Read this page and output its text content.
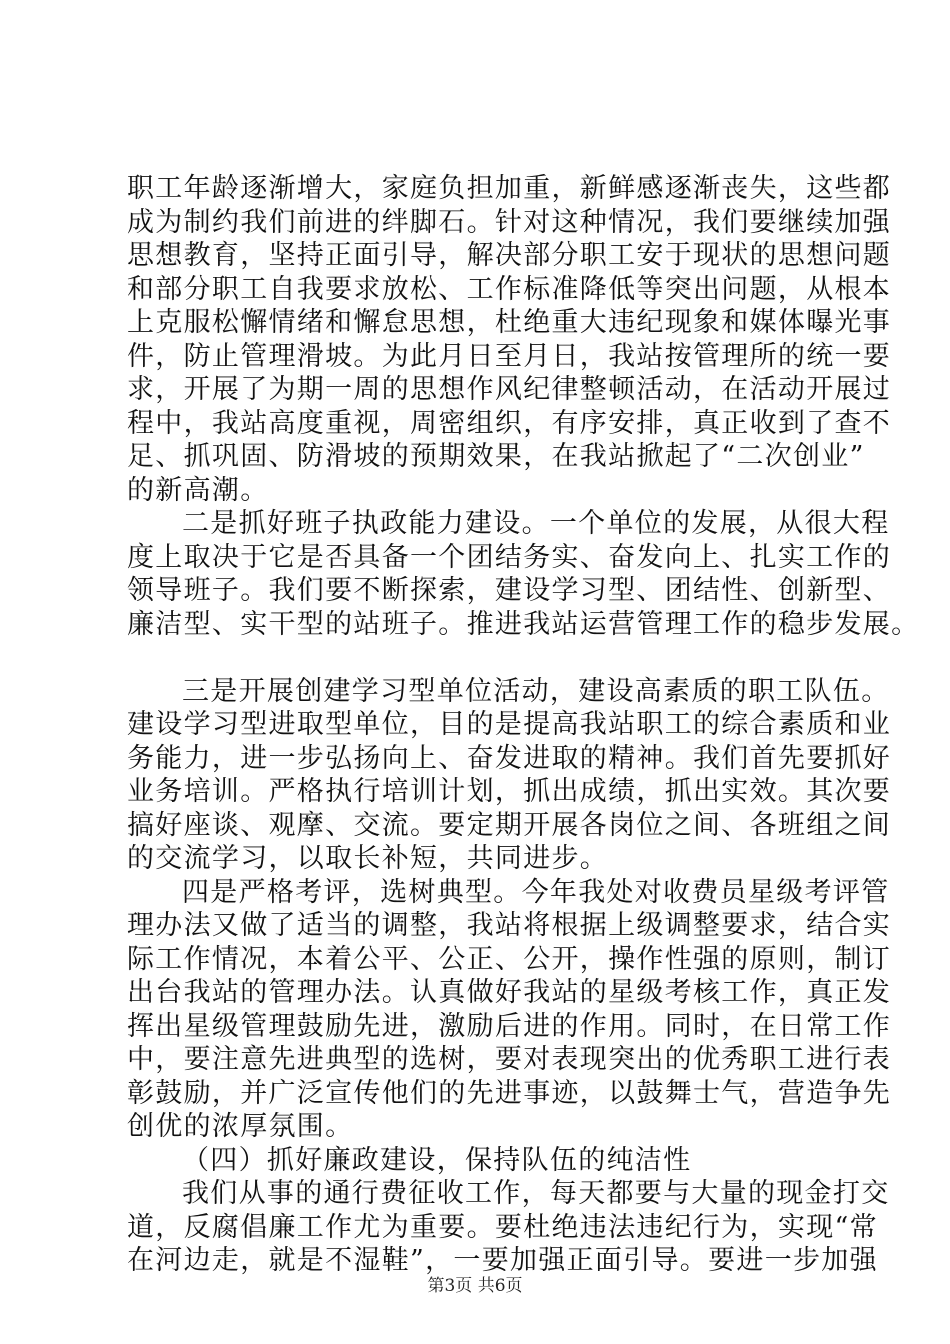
职工年龄逐渐增大，家庭负担加重，新鲜感逐渐丧失，这些都
成为制约我们前进的绊脚石。针对这种情况，我们要继续加强
思想教育，坚持正面引导，解决部分职工安于现状的思想问题
和部分职工自我要求放松、工作标准降低等突出问题，从根本
上克服松懈情绪和懈怠思想，杜绝重大违纪现象和媒体曝光事
件，防止管理滑坡。为此月日至月日，我站按管理所的统一要
求，开展了为期一周的思想作风纪律整顿活动，在活动开展过
程中，我站高度重视，周密组织，有序安排，真正收到了查不
足、抓巩固、防滑坡的预期效果，在我站掀起了“二次创业”
的新高潮。
二是抓好班子执政能力建设。一个单位的发展，从很大程
度上取决于它是否具备一个团结务实、奋发向上、扎实工作的
领导班子。我们要不断探索，建设学习型、团结性、创新型、
廉洁型、实干型的站班子。推进我站运营管理工作的稳步发展。
三是开展创建学习型单位活动，建设高素质的职工队伍。
建设学习型进取型单位，目的是提高我站职工的综合素质和业
务能力，进一步弘扬向上、奋发进取的精神。我们首先要抓好
业务培训。严格执行培训计划，抓出成绩，抓出实效。其次要
搞好座谈、观摩、交流。要定期开展各岗位之间、各班组之间
的交流学习，以取长补短，共同进步。
四是严格考评，选树典型。今年我处对收费员星级考评管
理办法又做了适当的调整，我站将根据上级调整要求，结合实
际工作情况，本着公平、公正、公开，操作性强的原则，制订
出台我站的管理办法。认真做好我站的星级考核工作，真正发
挥出星级管理鼓励先进，激励后进的作用。同时，在日常工作
中，要注意先进典型的选树，要对表现突出的优秀职工进行表
彰鼓励，并广泛宣传他们的先进事迹，以鼓舞士气，营造争先
创优的浓厚氛围。
（四）抓好廉政建设，保持队伍的纯洁性
我们从事的通行费征收工作，每天都要与大量的现金打交
道，反腐倡廉工作尤为重要。要杜绝违法违纪行为，实现“常
在河边走，就是不湿鞋”，一要加强正面引导。要进一步加强
第3页 共6页
